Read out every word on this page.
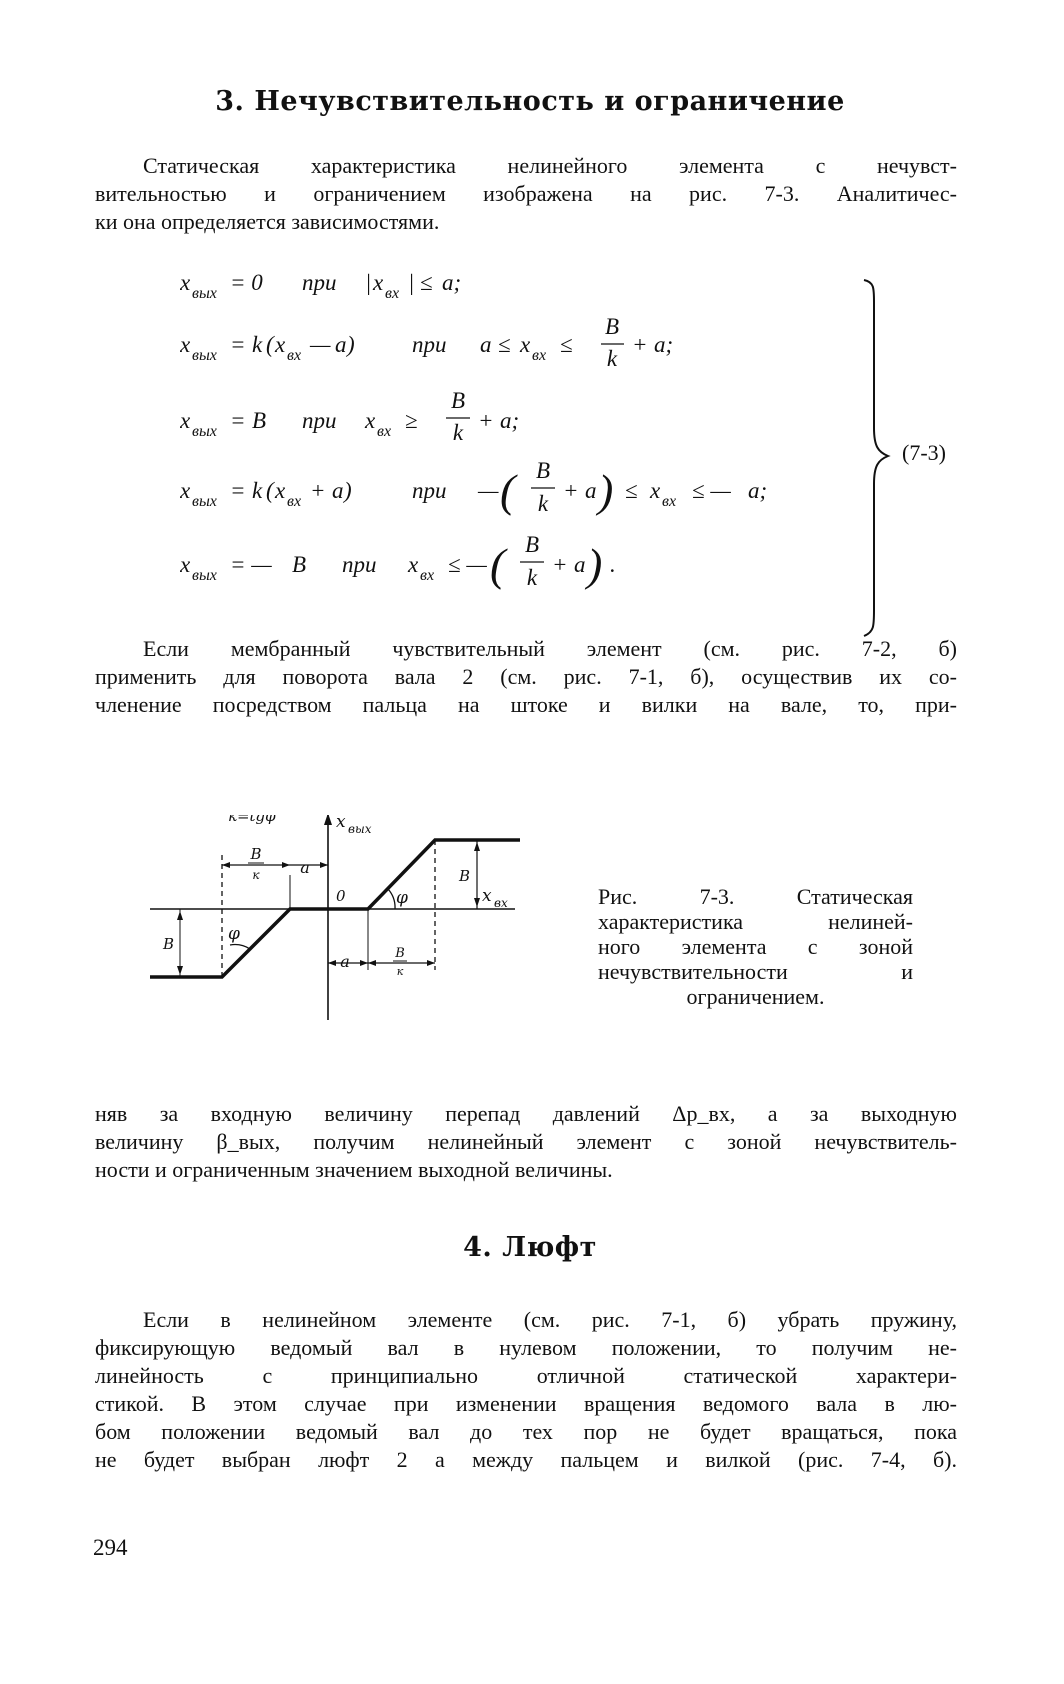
3. Нечувствительность и ограничение
Статическая характеристика нелинейного элемента с нечувст-
вительностью и ограничением изображена на рис. 7-3. Аналитичес-
ки она определяется зависимостями.
x вых = 0 при | x вх | ≤ a;
x вых = k ( x вх — a ) при a ≤ x вх ≤
B
k
+ a;
x вых = B при x вх ≥
B
k + a;
x вых = k ( x вх + a )	при — ( B
k
+ a ) ≤ x вх ≤ — a;
x вых = — B при x вх ≤ — ( B
k
+ a ) .
(7-3)
Если мембранный чувствительный элемент (см. рис. 7-2, б)
применить для поворота вала 2 (см. рис. 7-1, б), осуществив их со-
членение посредством пальца на штоке и вилки на вале, то, при-
B
к	a
0
a	B
к
B
B
φ
φ
x вых
x вх
к=tgφ
Рис. 7-3. Статическая
характеристика нелиней-
ного элемента с зоной
нечувствительности и
ограничением.
няв за входную величину перепад давлений Δp_вх, а за выходную
величину β_вых, получим нелинейный элемент с зоной нечувствитель-
ности и ограниченным значением выходной величины.
4. Люфт
Если в нелинейном элементе (см. рис. 7-1, б) убрать пружину,
фиксирующую ведомый вал в нулевом положении, то получим не-
линейность с принципиально отличной статической характери-
стикой. В этом случае при изменении вращения ведомого вала в лю-
бом положении ведомый вал до тех пор не будет вращаться, пока
не будет выбран люфт 2 a между пальцем и вилкой (рис. 7-4, б).
294
